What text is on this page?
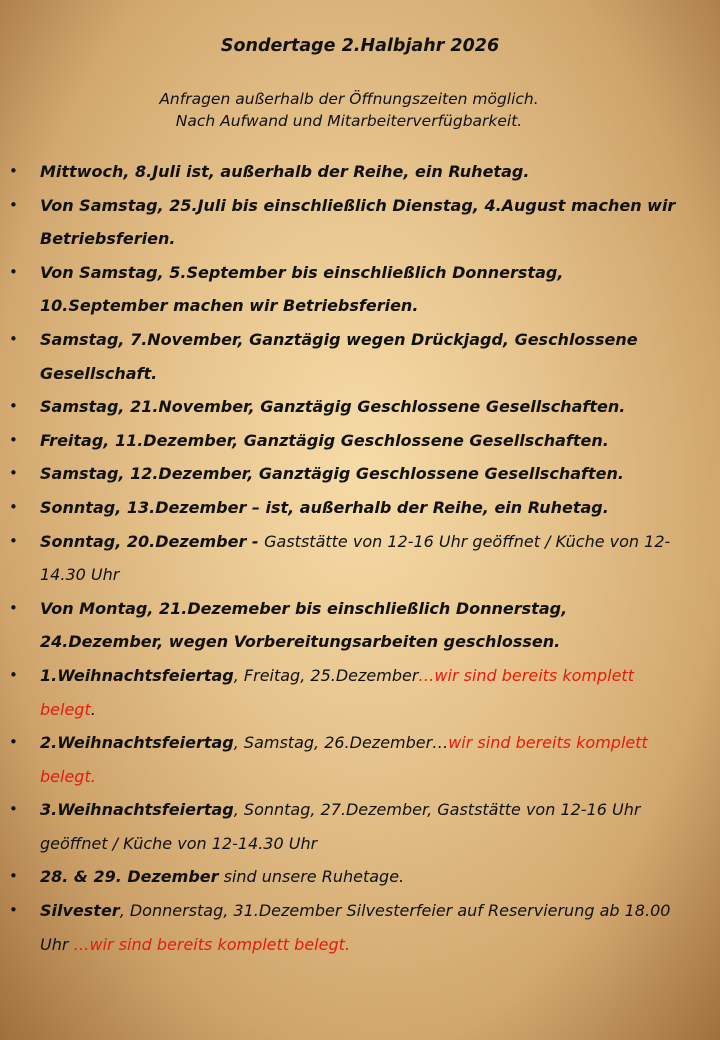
Sondertage 2.Halbjahr 2026

Anfragen außerhalb der Öffnungszeiten möglich.
Nach Aufwand und Mitarbeiterverfügbarkeit.

• Mittwoch, 8.Juli ist, außerhalb der Reihe, ein Ruhetag.
• Von Samstag, 25.Juli bis einschließlich Dienstag, 4.August machen wir Betriebsferien.
• Von Samstag, 5.September bis einschließlich Donnerstag, 10.September machen wir Betriebsferien.
• Samstag, 7.November, Ganztägig wegen Drückjagd, Geschlossene Gesellschaft.
• Samstag, 21.November, Ganztägig Geschlossene Gesellschaften.
• Freitag, 11.Dezember, Ganztägig Geschlossene Gesellschaften.
• Samstag, 12.Dezember, Ganztägig Geschlossene Gesellschaften.
• Sonntag, 13.Dezember – ist, außerhalb der Reihe, ein Ruhetag.
• Sonntag, 20.Dezember - Gaststätte von 12-16 Uhr geöffnet / Küche von 12-14.30 Uhr
• Von Montag, 21.Dezemeber bis einschließlich Donnerstag, 24.Dezember, wegen Vorbereitungsarbeiten geschlossen.
• 1.Weihnachtsfeiertag, Freitag, 25.Dezember…wir sind bereits komplett belegt.
• 2.Weihnachtsfeiertag, Samstag, 26.Dezember…wir sind bereits komplett belegt.
• 3.Weihnachtsfeiertag, Sonntag, 27.Dezember, Gaststätte von 12-16 Uhr geöffnet / Küche von 12-14.30 Uhr
• 28. & 29. Dezember sind unsere Ruhetage.
• Silvester, Donnerstag, 31.Dezember Silvesterfeier auf Reservierung ab 18.00 Uhr …wir sind bereits komplett belegt.
